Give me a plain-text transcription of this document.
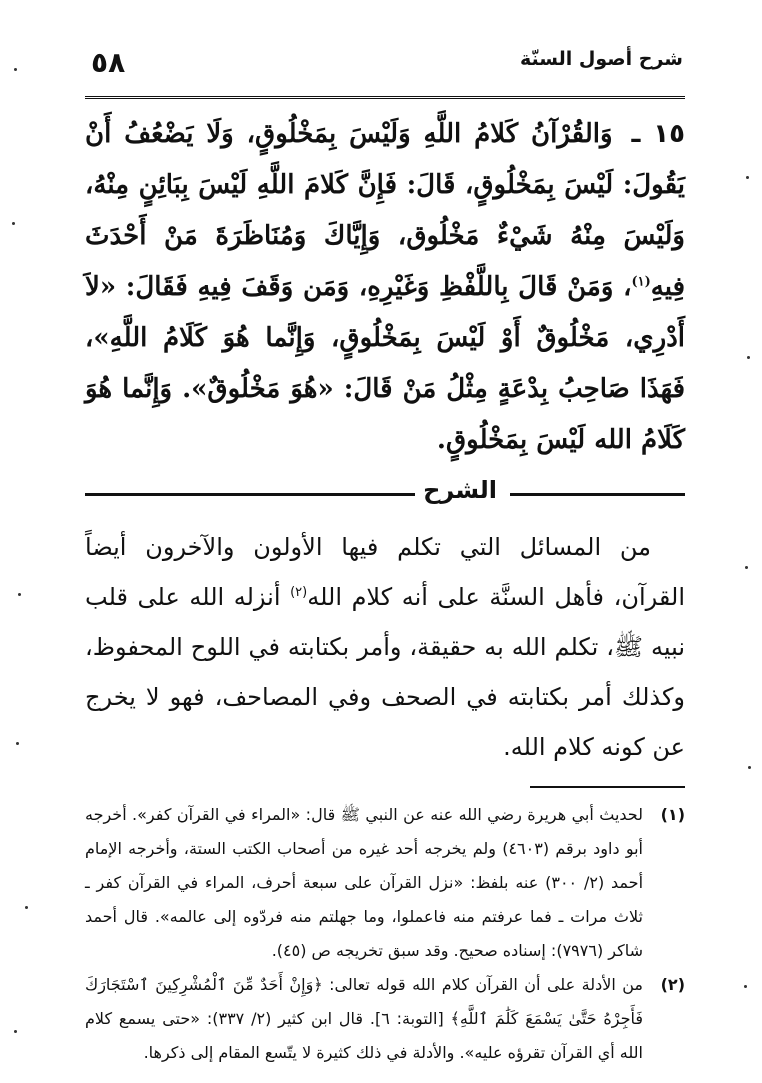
شرح أصول السنّة
٥٨

١٥ ـ وَالقُرْآنُ كَلامُ اللَّهِ وَلَيْسَ بِمَخْلُوقٍ، وَلَا يَضْعُفُ أَنْ يَقُولَ: لَيْسَ بِمَخْلُوقٍ، قَالَ: فَإِنَّ كَلامَ اللَّهِ لَيْسَ بِبَائِنٍ مِنْهُ، وَلَيْسَ مِنْهُ شَيْءٌ مَخْلُوق، وَإِيَّاكَ وَمُنَاظَرَةَ مَنْ أَحْدَثَ فِيهِ$^{(١)}$، وَمَنْ قَالَ بِاللَّفْظِ وَغَيْرِهِ، وَمَن وَقَفَ فِيهِ فَقَالَ: «لاَ أَدْرِي، مَخْلُوقٌ أَوْ لَيْسَ بِمَخْلُوقٍ، وَإِنَّما هُوَ كَلَامُ اللَّهِ»، فَهَذَا صَاحِبُ بِدْعَةٍ مِثْلُ مَنْ قَالَ: «هُوَ مَخْلُوقٌ». وَإِنَّما هُوَ كَلَامُ الله لَيْسَ بِمَخْلُوقٍ.

الشرح

من المسائل التي تكلم فيها الأولون والآخرون أيضاً القرآن، فأهل السنَّة على أنه كلام الله$^{(٢)}$ أنزله الله على قلب نبيه ﷺ، تكلم الله به حقيقة، وأمر بكتابته في اللوح المحفوظ، وكذلك أمر بكتابته في الصحف وفي المصاحف، فهو لا يخرج عن كونه كلام الله.

(١)
لحديث أبي هريرة رضي الله عنه عن النبي ﷺ قال: «المراء في القرآن كفر». أخرجه أبو داود برقم (٤٦٠٣) ولم يخرجه أحد غيره من أصحاب الكتب الستة، وأخرجه الإمام أحمد (٢/ ٣٠٠) عنه بلفظ: «نزل القرآن على سبعة أحرف، المراء في القرآن كفر ـ ثلاث مرات ـ فما عرفتم منه فاعملوا، وما جهلتم منه فردّوه إلى عالمه». قال أحمد شاكر (٧٩٧٦): إسناده صحيح. وقد سبق تخريجه ص (٤٥).
(٢)
من الأدلة على أن القرآن كلام الله قوله تعالى: ﴿وَإِنْ أَحَدٌ مِّنَ ٱلْمُشْرِكِينَ ٱسْتَجَارَكَ فَأَجِرْهُ حَتَّىٰ يَسْمَعَ كَلَٰمَ ٱللَّهِ﴾ [التوبة: ٦]. قال ابن كثير (٢/ ٣٣٧): «حتى يسمع كلام الله أي القرآن تقرؤه عليه». والأدلة في ذلك كثيرة لا يتّسع المقام إلى ذكرها.
